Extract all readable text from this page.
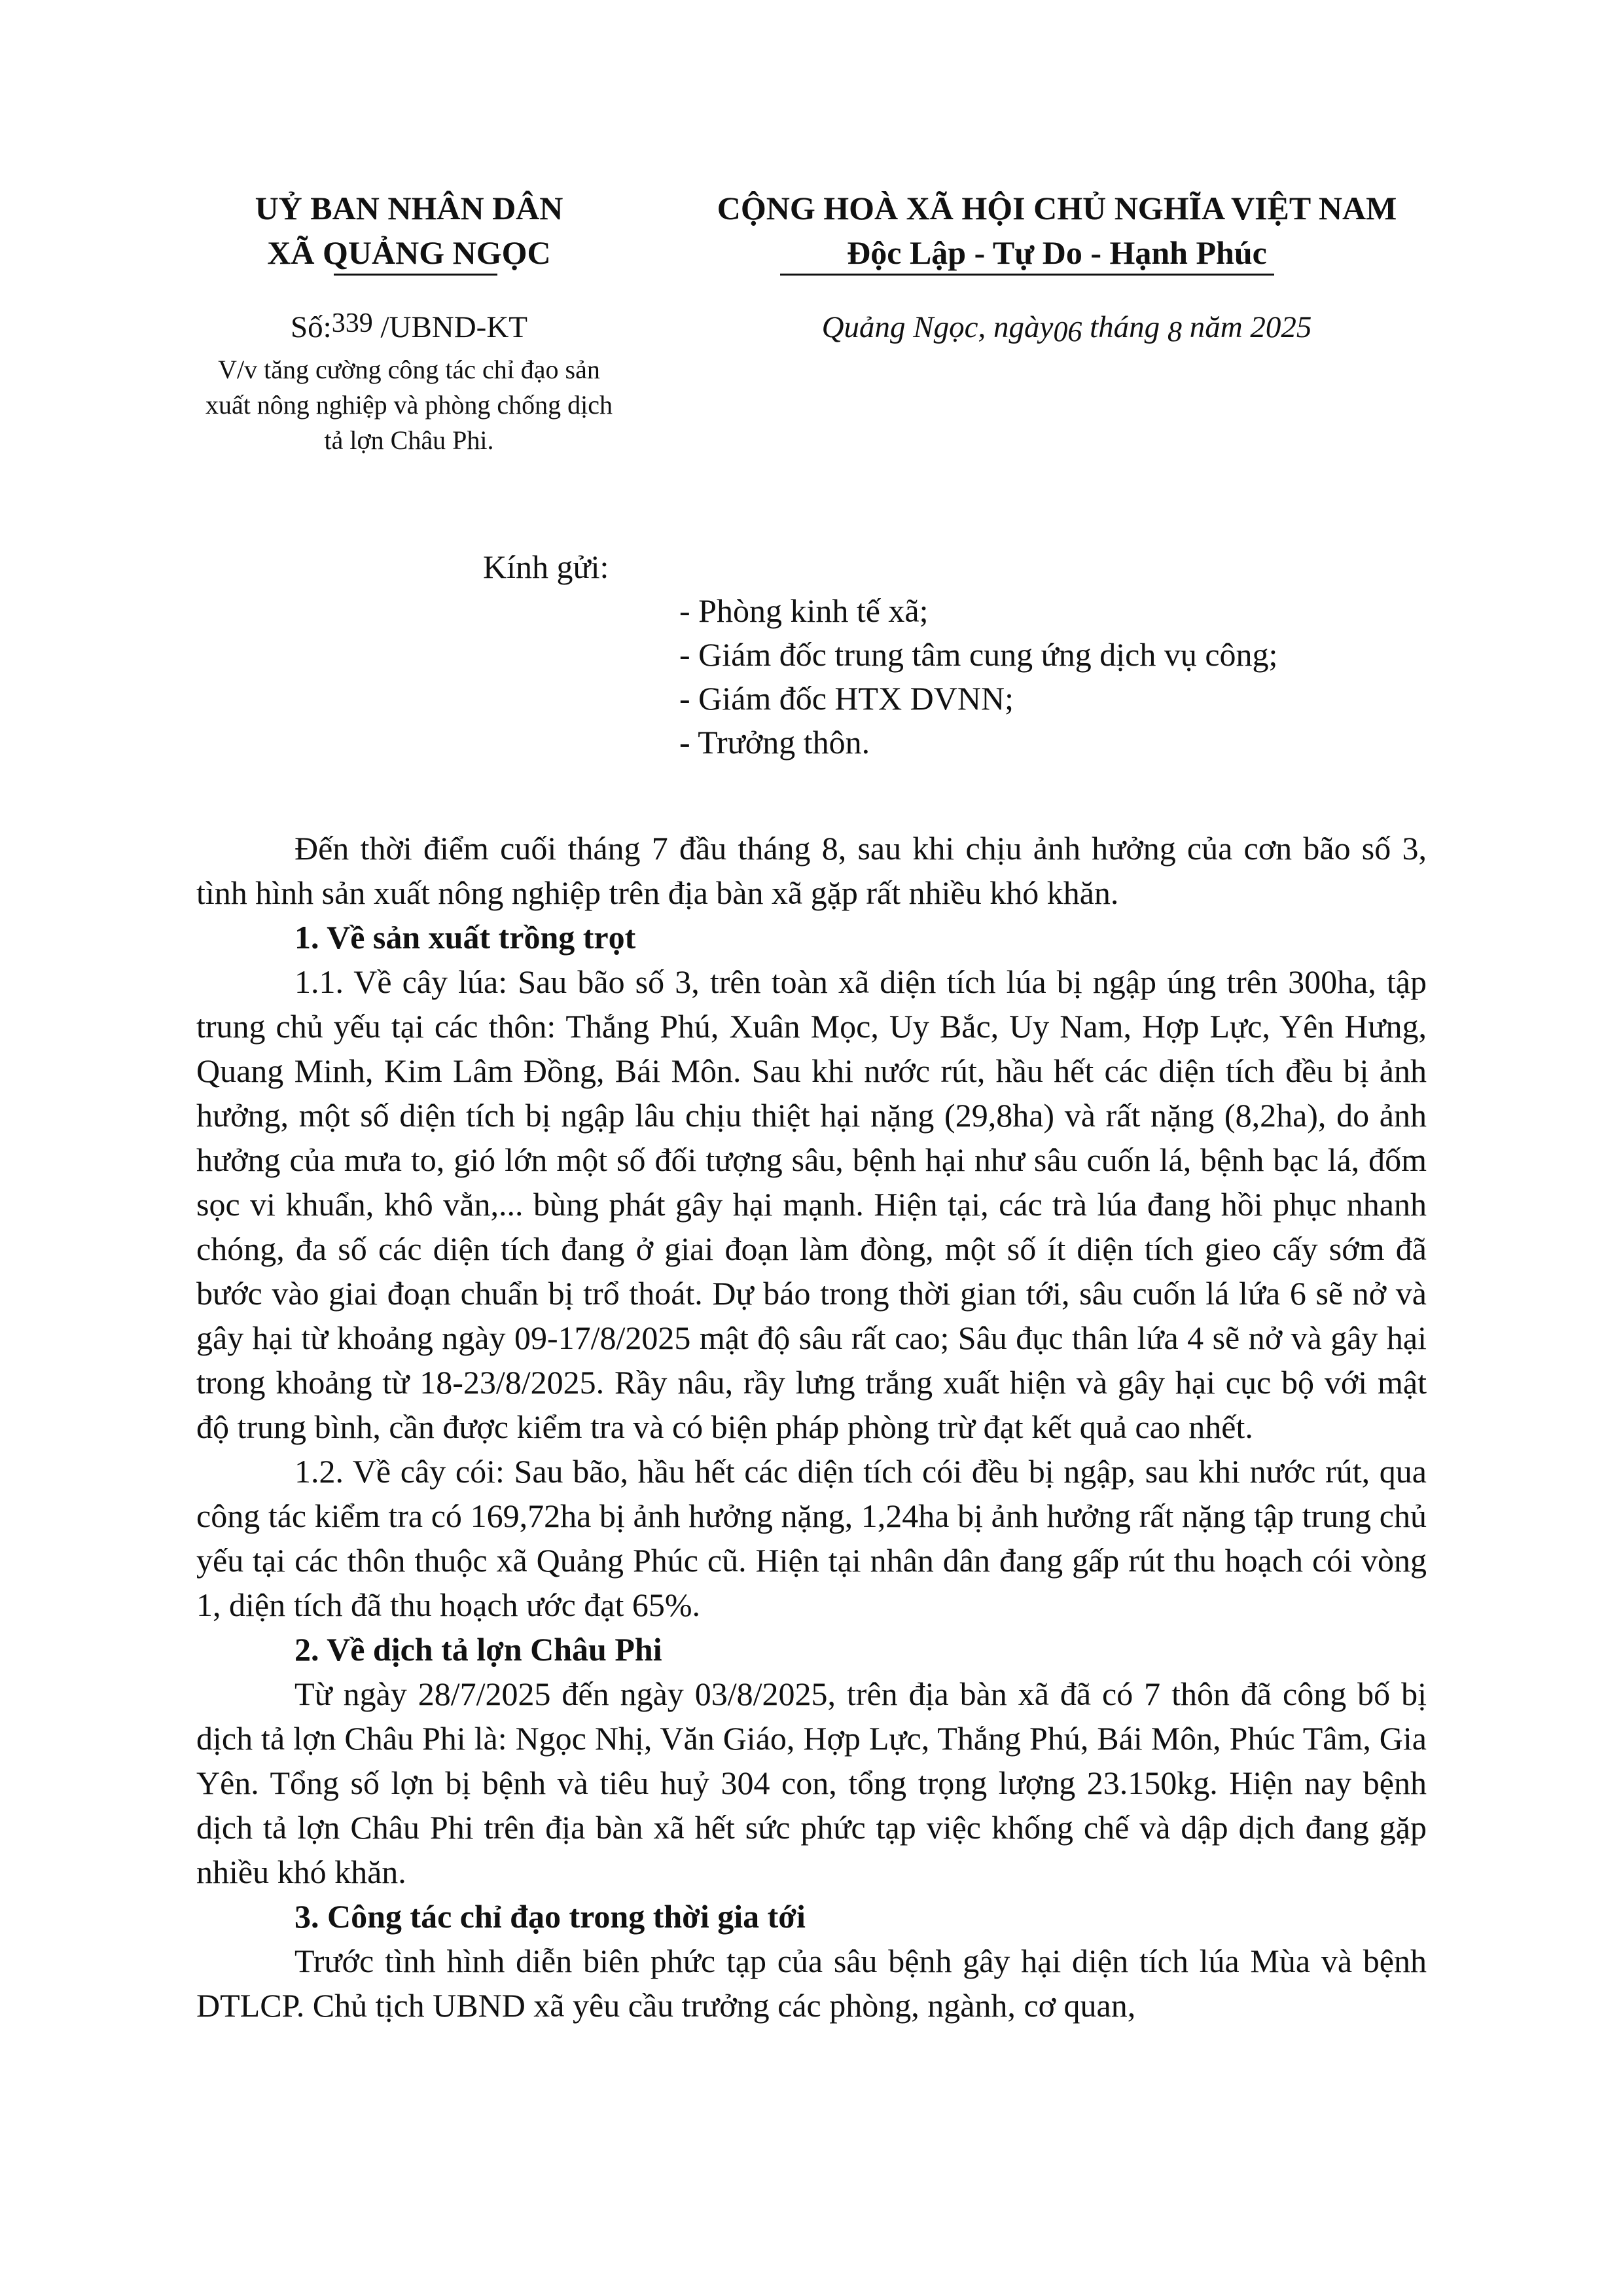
UỶ BAN NHÂN DÂN
XÃ QUẢNG NGỌC
CỘNG HOÀ XÃ HỘI CHỦ NGHĨA VIỆT NAM
Độc Lập - Tự Do - Hạnh Phúc
Số:339 /UBND-KT
V/v tăng cường công tác chỉ đạo sản xuất nông nghiệp và phòng chống dịch tả lợn Châu Phi.
Quảng Ngọc, ngày06 tháng 8 năm 2025
Kính gửi:
- Phòng kinh tế xã;
- Giám đốc trung tâm cung ứng dịch vụ công;
- Giám đốc HTX DVNN;
- Trưởng thôn.

Đến thời điểm cuối tháng 7 đầu tháng 8, sau khi chịu ảnh hưởng của cơn bão số 3, tình hình sản xuất nông nghiệp trên địa bàn xã gặp rất nhiều khó khăn.

1. Về sản xuất trồng trọt

1.1. Về cây lúa: Sau bão số 3, trên toàn xã diện tích lúa bị ngập úng trên 300ha, tập trung chủ yếu tại các thôn: Thắng Phú, Xuân Mọc, Uy Bắc, Uy Nam, Hợp Lực, Yên Hưng, Quang Minh, Kim Lâm Đồng, Bái Môn. Sau khi nước rút, hầu hết các diện tích đều bị ảnh hưởng, một số diện tích bị ngập lâu chịu thiệt hại nặng (29,8ha) và rất nặng (8,2ha), do ảnh hưởng của mưa to, gió lớn một số đối tượng sâu, bệnh hại như sâu cuốn lá, bệnh bạc lá, đốm sọc vi khuẩn, khô vằn,... bùng phát gây hại mạnh. Hiện tại, các trà lúa đang hồi phục nhanh chóng, đa số các diện tích đang ở giai đoạn làm đòng, một số ít diện tích gieo cấy sớm đã bước vào giai đoạn chuẩn bị trổ thoát. Dự báo trong thời gian tới, sâu cuốn lá lứa 6 sẽ nở và gây hại từ khoảng ngày 09-17/8/2025 mật độ sâu rất cao; Sâu đục thân lứa 4 sẽ nở và gây hại trong khoảng từ 18-23/8/2025. Rầy nâu, rầy lưng trắng xuất hiện và gây hại cục bộ với mật độ trung bình, cần được kiểm tra và có biện pháp phòng trừ đạt kết quả cao nhết.

1.2. Về cây cói: Sau bão, hầu hết các diện tích cói đều bị ngập, sau khi nước rút, qua công tác kiểm tra có 169,72ha bị ảnh hưởng nặng, 1,24ha bị ảnh hưởng rất nặng tập trung chủ yếu tại các thôn thuộc xã Quảng Phúc cũ. Hiện tại nhân dân đang gấp rút thu hoạch cói vòng 1, diện tích đã thu hoạch ước đạt 65%.

2. Về dịch tả lợn Châu Phi

Từ ngày 28/7/2025 đến ngày 03/8/2025, trên địa bàn xã đã có 7 thôn đã công bố bị dịch tả lợn Châu Phi là: Ngọc Nhị, Văn Giáo, Hợp Lực, Thắng Phú, Bái Môn, Phúc Tâm, Gia Yên. Tổng số lợn bị bệnh và tiêu huỷ 304 con, tổng trọng lượng 23.150kg. Hiện nay bệnh dịch tả lợn Châu Phi trên địa bàn xã hết sức phức tạp việc khống chế và dập dịch đang gặp nhiều khó khăn.

3. Công tác chỉ đạo trong thời gia tới

Trước tình hình diễn biên phức tạp của sâu bệnh gây hại diện tích lúa Mùa và bệnh DTLCP. Chủ tịch UBND xã yêu cầu trưởng các phòng, ngành, cơ quan,
